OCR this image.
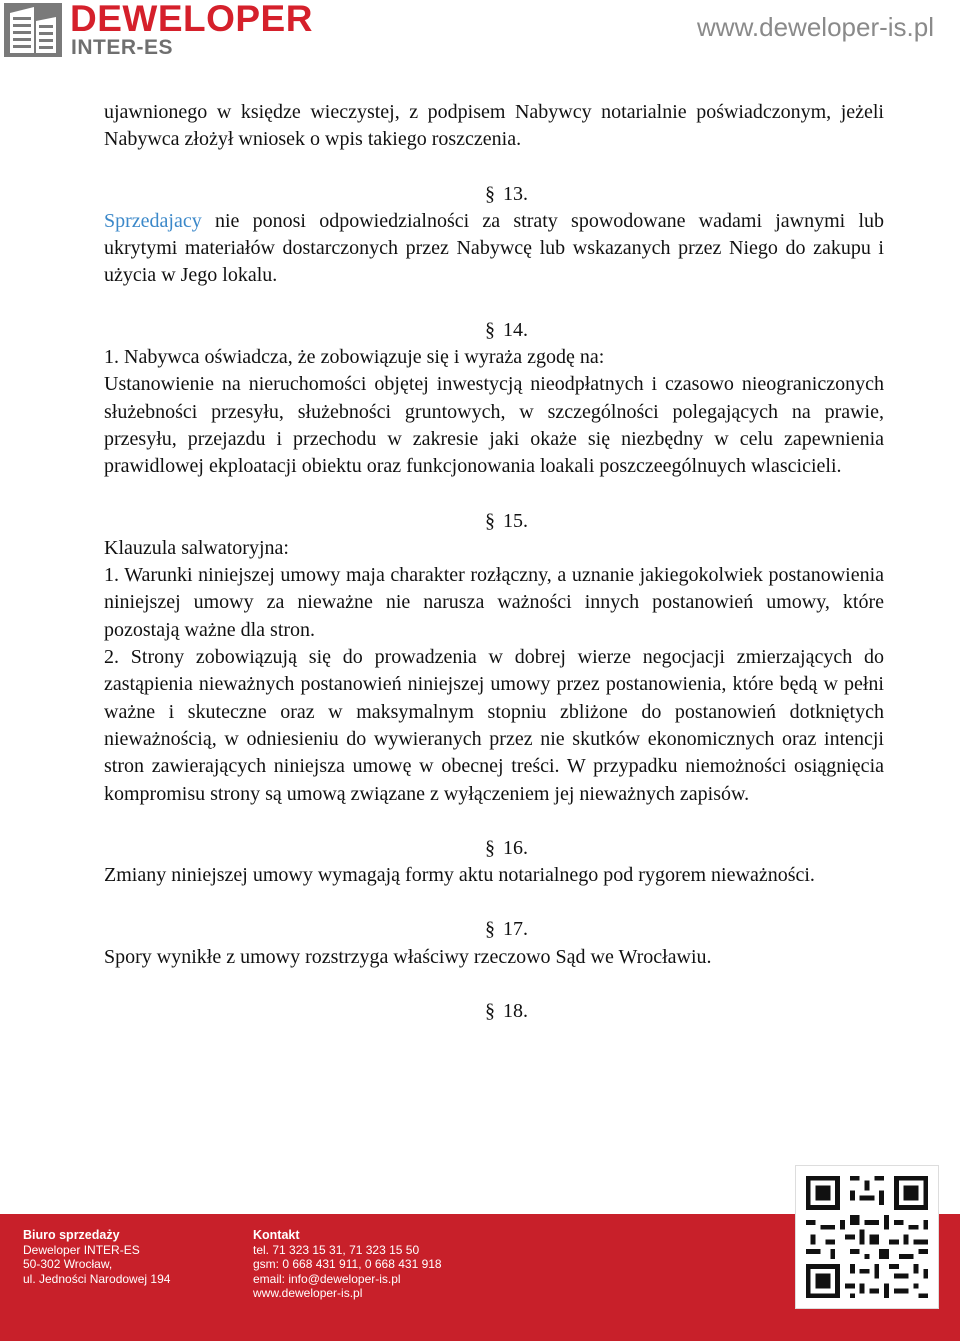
DEWELOPER
INTER-ES
www.deweloper-is.pl

ujawnionego w księdze wieczystej, z podpisem Nabywcy notarialnie poświadczonym, jeżeli Nabywca złożył wniosek o wpis takiego roszczenia.

§ 13.

Sprzedajacy nie ponosi odpowiedzialności za straty spowodowane wadami jawnymi lub ukrytymi materiałów dostarczonych przez Nabywcę lub wskazanych przez Niego do zakupu i użycia w Jego lokalu.

§ 14.

1. Nabywca oświadcza, że zobowiązuje się i wyraża zgodę na:

Ustanowienie na nieruchomości objętej inwestycją nieodpłatnych i czasowo nieograniczonych służebności przesyłu, służebności gruntowych, w szczególności polegających na prawie, przesyłu, przejazdu i przechodu w zakresie jaki okaże się niezbędny w celu zapewnienia prawidlowej ekploatacji obiektu oraz funkcjonowania loakali poszczeególnuych wlascicieli.

§ 15.

Klauzula salwatoryjna:

1. Warunki niniejszej umowy maja charakter rozłączny, a uznanie jakiegokolwiek postanowienia niniejszej umowy za nieważne nie narusza ważności innych postanowień umowy, które pozostają ważne dla stron.

2. Strony zobowiązują się do prowadzenia w dobrej wierze negocjacji zmierzających do zastąpienia nieważnych postanowień niniejszej umowy przez postanowienia, które będą w pełni ważne i skuteczne oraz w maksymalnym stopniu zbliżone do postanowień dotkniętych nieważnością, w odniesieniu do wywieranych przez nie skutków ekonomicznych oraz intencji stron zawierających niniejsza umowę w obecnej treści. W przypadku niemożności osiągnięcia kompromisu strony są umową związane z wyłączeniem jej nieważnych zapisów.

§ 16.

Zmiany niniejszej umowy wymagają formy aktu notarialnego pod rygorem nieważności.

§ 17.

Spory wynikłe z umowy rozstrzyga właściwy rzeczowo Sąd we Wrocławiu.

§ 18.

Biuro sprzedaży
Deweloper INTER-ES
50-302 Wrocław,
ul. Jedności Narodowej 194
Kontakt
tel. 71 323 15 31, 71 323 15 50
gsm: 0 668 431 911, 0 668 431 918
email: info@deweloper-is.pl
www.deweloper-is.pl
